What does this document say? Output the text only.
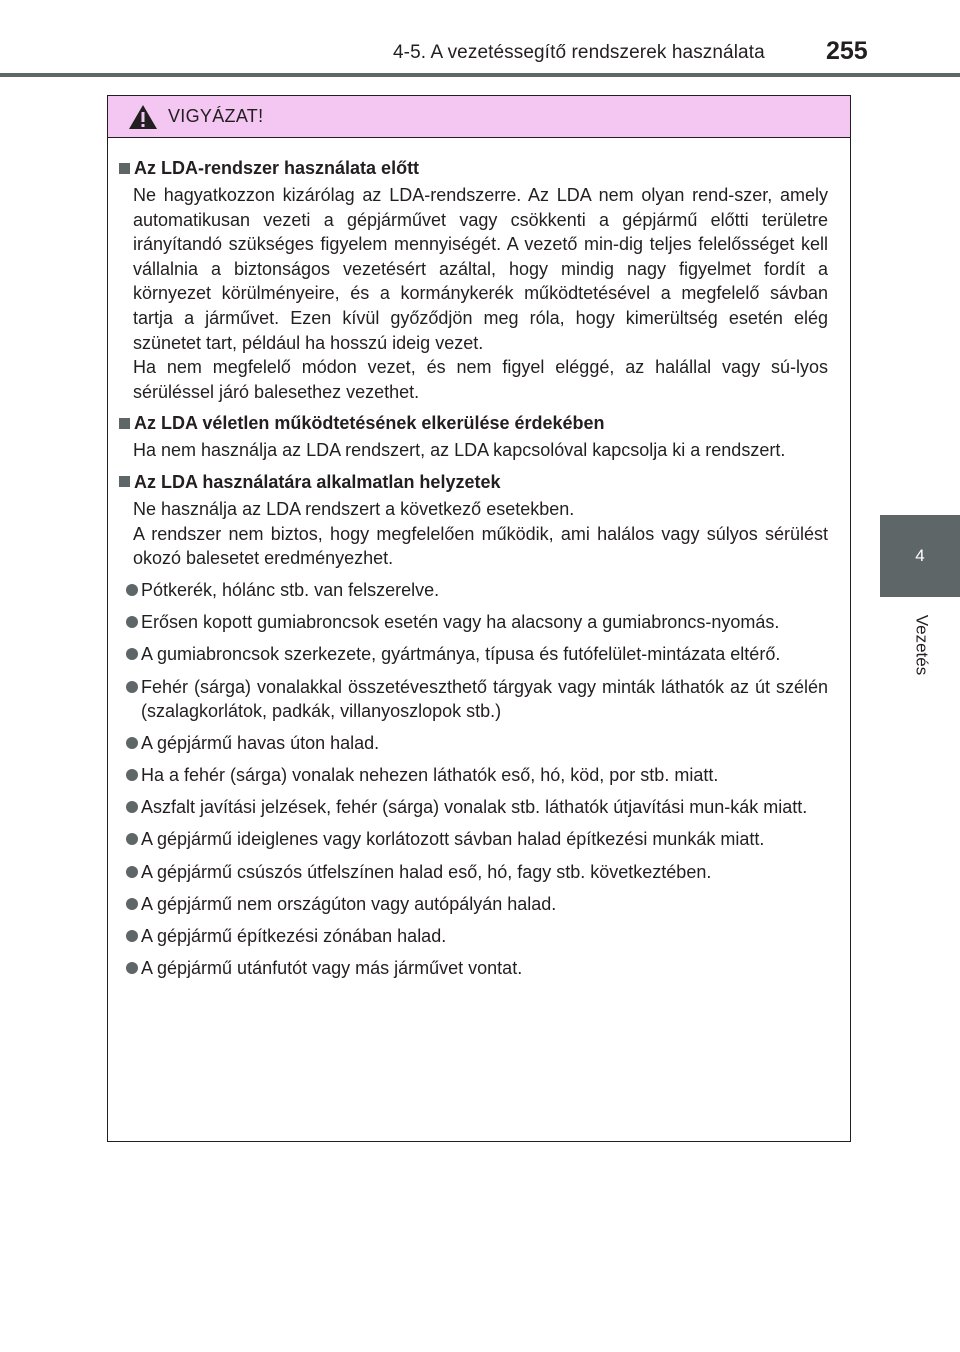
4-5. A vezetéssegítő rendszerek használata	255
4
Vezetés
VIGYÁZAT!
Az LDA-rendszer használata előtt

Ne hagyatkozzon kizárólag az LDA-rendszerre. Az LDA nem olyan rend-szer, amely automatikusan vezeti a gépjárművet vagy csökkenti a gépjármű előtti területre irányítandó szükséges figyelem mennyiségét. A vezető min-dig teljes felelősséget kell vállalnia a biztonságos vezetésért azáltal, hogy mindig nagy figyelmet fordít a környezet körülményeire, és a kormánykerék működtetésével a megfelelő sávban tartja a járművet. Ezen kívül győződjön meg róla, hogy kimerültség esetén elég szünetet tart, például ha hosszú ideig vezet.

Ha nem megfelelő módon vezet, és nem figyel eléggé, az halállal vagy sú-lyos sérüléssel járó balesethez vezethet.

Az LDA véletlen működtetésének elkerülése érdekében

Ha nem használja az LDA rendszert, az LDA kapcsolóval kapcsolja ki a rendszert.

Az LDA használatára alkalmatlan helyzetek

Ne használja az LDA rendszert a következő esetekben.

A rendszer nem biztos, hogy megfelelően működik, ami halálos vagy súlyos sérülést okozó balesetet eredményezhet.

Pótkerék, hólánc stb. van felszerelve.
Erősen kopott gumiabroncsok esetén vagy ha alacsony a gumiabroncs-nyomás.
A gumiabroncsok szerkezete, gyártmánya, típusa és futófelület-mintázata eltérő.
Fehér (sárga) vonalakkal összetéveszthető tárgyak vagy minták láthatók az út szélén (szalagkorlátok, padkák, villanyoszlopok stb.)
A gépjármű havas úton halad.
Ha a fehér (sárga) vonalak nehezen láthatók eső, hó, köd, por stb. miatt.
Aszfalt javítási jelzések, fehér (sárga) vonalak stb. láthatók útjavítási mun-kák miatt.
A gépjármű ideiglenes vagy korlátozott sávban halad építkezési munkák miatt.
A gépjármű csúszós útfelszínen halad eső, hó, fagy stb. következtében.
A gépjármű nem országúton vagy autópályán halad.
A gépjármű építkezési zónában halad.
A gépjármű utánfutót vagy más járművet vontat.
